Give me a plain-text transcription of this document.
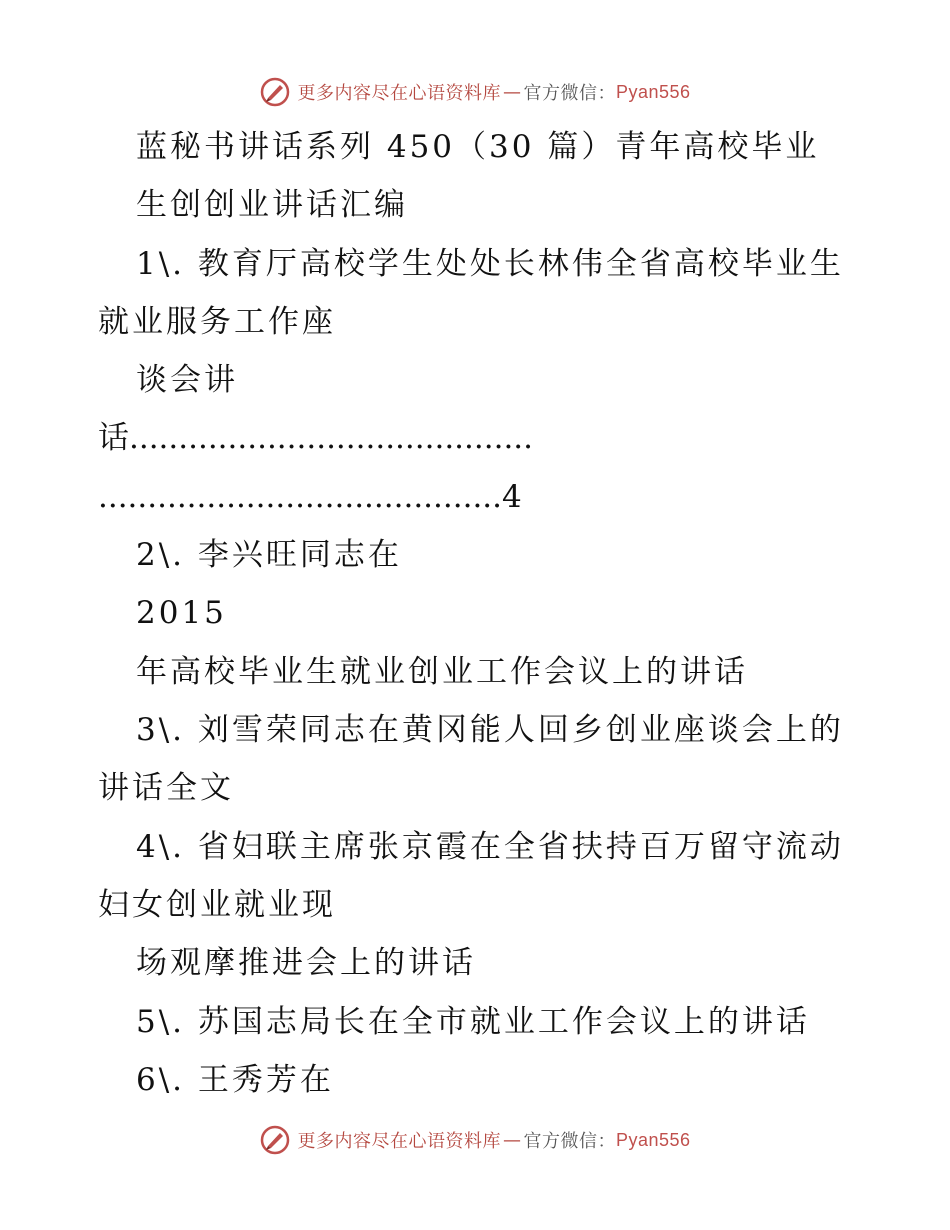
更多内容尽在心语资料库 — 官方微信： Pyan556
蓝秘书讲话系列 450（30 篇）青年高校毕业
生创创业讲话汇编
1\. 教育厅高校学生处处长林伟全省高校毕业生
就业服务工作座
谈会讲
话.........................................
.........................................4
2\. 李兴旺同志在
2015
年高校毕业生就业创业工作会议上的讲话
3\. 刘雪荣同志在黄冈能人回乡创业座谈会上的
讲话全文
4\. 省妇联主席张京霞在全省扶持百万留守流动
妇女创业就业现
场观摩推进会上的讲话
5\. 苏国志局长在全市就业工作会议上的讲话
6\. 王秀芳在
更多内容尽在心语资料库 — 官方微信： Pyan556
